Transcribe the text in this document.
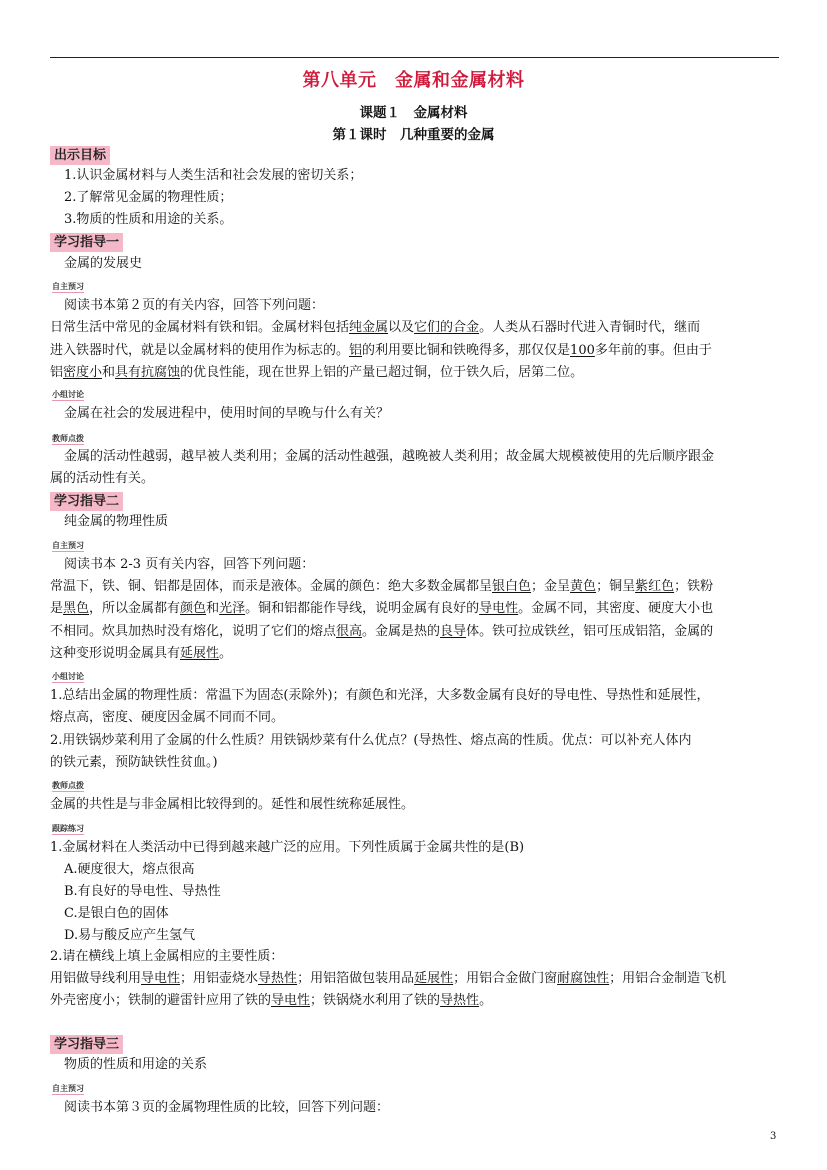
第八单元　金属和金属材料
课题１　金属材料
第１课时　几种重要的金属
出示目标
1.认识金属材料与人类生活和社会发展的密切关系；
2.了解常见金属的物理性质；
3.物质的性质和用途的关系。
学习指导一
金属的发展史
自主预习
阅读书本第２页的有关内容，回答下列问题：
日常生活中常见的金属材料有铁和铝。金属材料包括纯金属以及它们的合金。人类从石器时代进入青铜时代，继而
进入铁器时代，就是以金属材料的使用作为标志的。铝的利用要比铜和铁晚得多，那仅仅是100多年前的事。但由于
铝密度小和具有抗腐蚀的优良性能，现在世界上铝的产量已超过铜，位于铁久后，居第二位。
小组讨论
金属在社会的发展进程中，使用时间的早晚与什么有关？
教师点拨
金属的活动性越弱，越早被人类利用；金属的活动性越强，越晚被人类利用；故金属大规模被使用的先后顺序跟金
属的活动性有关。
学习指导二
纯金属的物理性质
自主预习
阅读书本 2-3 页有关内容，回答下列问题：
常温下，铁、铜、铝都是固体，而汞是液体。金属的颜色：绝大多数金属都呈银白色；金呈黄色；铜呈紫红色；铁粉
是黑色，所以金属都有颜色和光泽。铜和铝都能作导线，说明金属有良好的导电性。金属不同，其密度、硬度大小也
不相同。炊具加热时没有熔化，说明了它们的熔点很高。金属是热的良导体。铁可拉成铁丝，铝可压成铝箔，金属的
这种变形说明金属具有延展性。
小组讨论
1.总结出金属的物理性质：常温下为固态(汞除外)；有颜色和光泽，大多数金属有良好的导电性、导热性和延展性，
熔点高，密度、硬度因金属不同而不同。
2.用铁锅炒菜利用了金属的什么性质？用铁锅炒菜有什么优点？(导热性、熔点高的性质。优点：可以补充人体内
的铁元素，预防缺铁性贫血。)
教师点拨
金属的共性是与非金属相比较得到的。延性和展性统称延展性。
跟踪练习
1.金属材料在人类活动中已得到越来越广泛的应用。下列性质属于金属共性的是(B)
A.硬度很大，熔点很高
B.有良好的导电性、导热性
C.是银白色的固体
D.易与酸反应产生氢气
2.请在横线上填上金属相应的主要性质：
用铝做导线利用导电性；用铝壶烧水导热性；用铝箔做包装用品延展性；用铝合金做门窗耐腐蚀性；用铝合金制造飞机
外壳密度小；铁制的避雷针应用了铁的导电性；铁锅烧水利用了铁的导热性。
学习指导三
物质的性质和用途的关系
自主预习
阅读书本第３页的金属物理性质的比较，回答下列问题：
3
